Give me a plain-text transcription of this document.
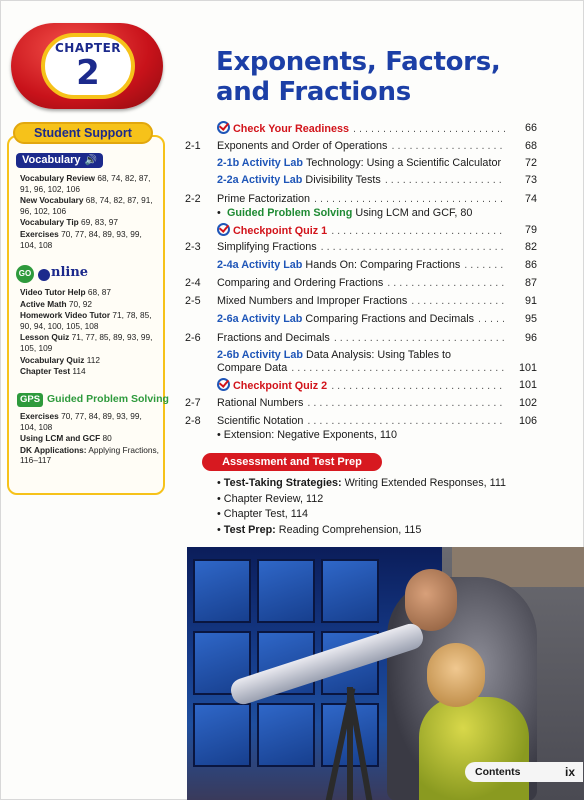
CHAPTER
2	Exponents, Factors, and Fractions
Student Support
Vocabulary 🔊

Vocabulary Review 68, 74, 82, 87, 91, 96, 102, 106

New Vocabulary 68, 74, 82, 87, 91, 96, 102, 106

Vocabulary Tip 69, 83, 97

Exercises 70, 77, 84, 89, 93, 99, 104, 108

GO nline

Video Tutor Help 68, 87

Active Math 70, 92

Homework Video Tutor 71, 78, 85, 90, 94, 100, 105, 108

Lesson Quiz 71, 77, 85, 89, 93, 99, 105, 109

Vocabulary Quiz 112

Chapter Test 114

GPS Guided Problem Solving

Exercises 70, 77, 84, 89, 93, 99, 104, 108

Using LCM and GCF 80

DK Applications: Applying Fractions, 116–117

Check Your Readiness . . .	66
2-1	Exponents and Order of Operations . . .	68
2-1b Activity Lab
Technology: Using a Scientific Calculator	72
2-2a Activity Lab
Divisibility Tests . . .	73
2-2	Prime Factorization . . .	74
• Guided Problem Solving
Using LCM and GCF, 80
Checkpoint Quiz 1 . . .	79
2-3	Simplifying Fractions . . .	82
2-4a Activity Lab
Hands On: Comparing Fractions . . .	86
2-4	Comparing and Ordering Fractions . . .	87
2-5	Mixed Numbers and Improper Fractions . . .	91
2-6a Activity Lab
Comparing Fractions and Decimals . . .	95
2-6	Fractions and Decimals . . .	96
2-6b Activity Lab
Data Analysis: Using Tables to
Compare Data . . .	101
Checkpoint Quiz 2 . . .	101
2-7	Rational Numbers . . .	102
2-8	Scientific Notation . . .	106
• Extension: Negative Exponents, 110
Assessment and Test Prep
• Test-Taking Strategies: Writing Extended Responses, 111
• Chapter Review, 112
• Chapter Test, 114
• Test Prep: Reading Comprehension, 115
Contents	ix
